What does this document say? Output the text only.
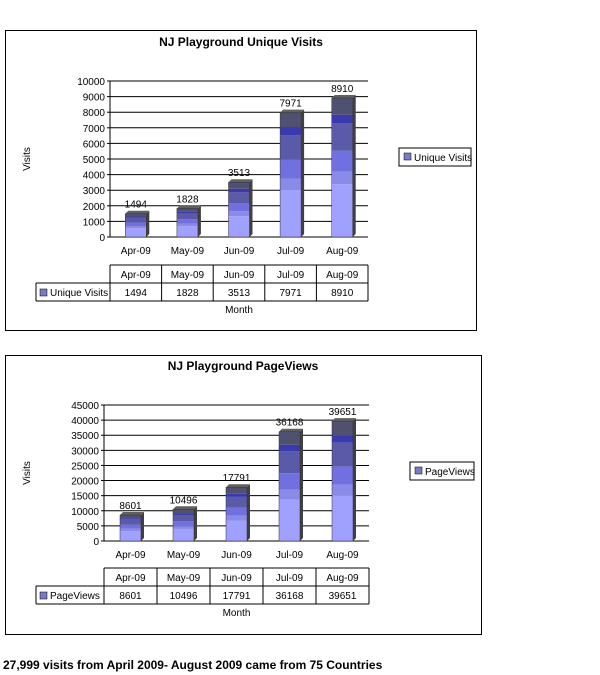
NJ Playground Unique Visits
Visits
0
1000
2000
3000
4000
5000
6000
7000
8000
9000
10000
1494
Apr-09
1828
May-09
3513
Jun-09
7971
Jul-09
8910
Aug-09
Apr-09
1494
May-09
1828
Jun-09
3513
Jul-09
7971
Aug-09
8910
Unique Visits
Month
Unique Visits
NJ Playground PageViews
Visits
0
5000
10000
15000
20000
25000
30000
35000
40000
45000
8601
Apr-09
10496
May-09
17791
Jun-09
36168
Jul-09
39651
Aug-09
Apr-09
8601
May-09
10496
Jun-09
17791
Jul-09
36168
Aug-09
39651
PageViews
Month
PageViews
27,999 visits from April 2009- August 2009 came from 75 Countries
